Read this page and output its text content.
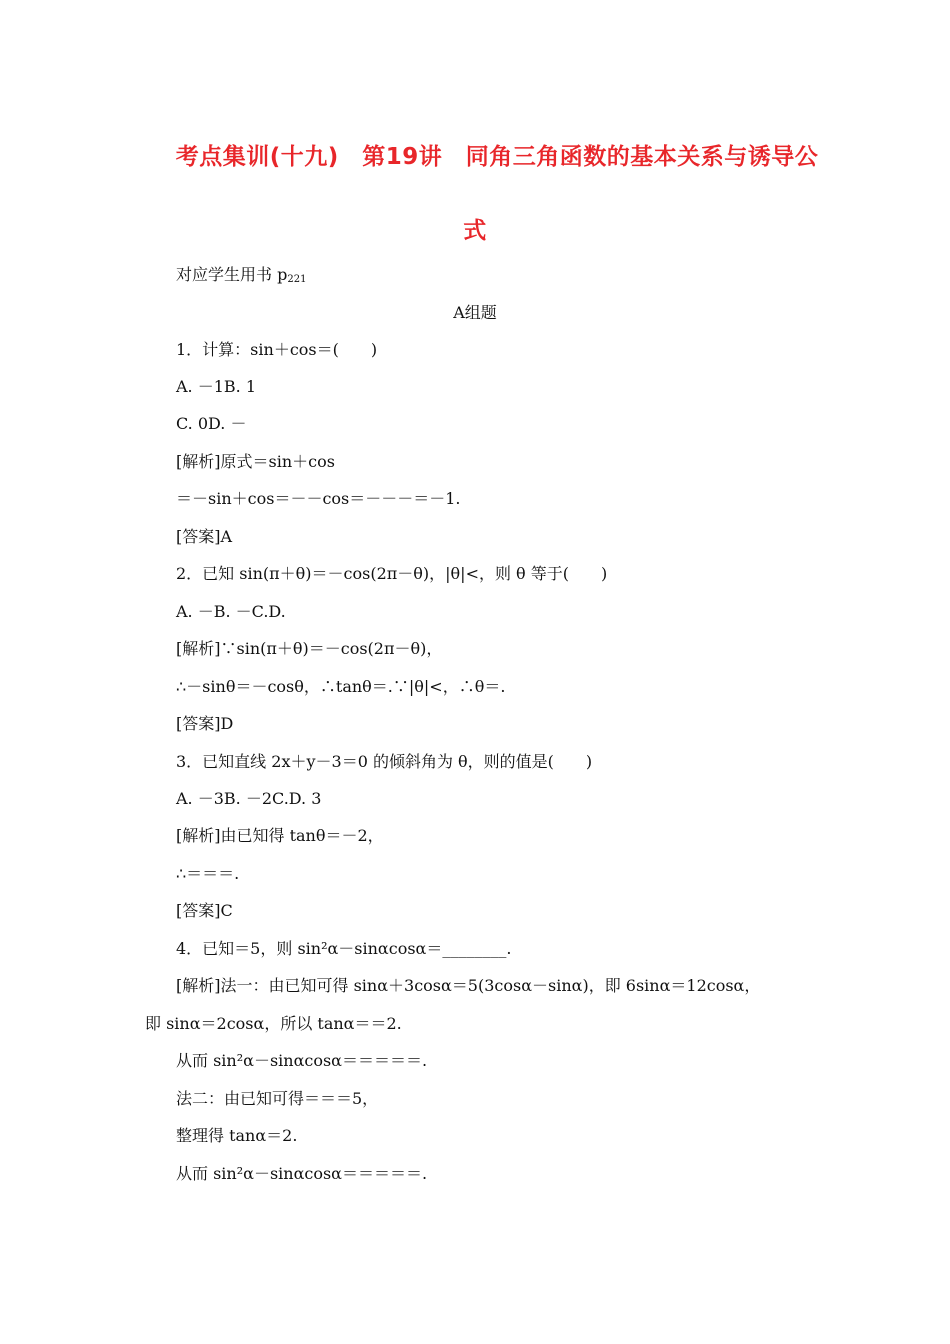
考点集训(十九)　第19讲　同角三角函数的基本关系与诱导公
式
对应学生用书 p221
A组题
1．计算：sin＋cos＝(　　)
A. －1B. 1
C. 0D. －
[解析]原式＝sin＋cos
＝－sin＋cos＝－－cos＝－－－＝－1.
[答案]A
2．已知 sin(π＋θ)＝－cos(2π－θ)，|θ|<，则 θ 等于(　　)
A. －B. －C.D.
[解析]∵sin(π＋θ)＝－cos(2π－θ)，
∴－sinθ＝－cosθ，∴tanθ＝.∵|θ|<，∴θ＝.
[答案]D
3．已知直线 2x＋y－3＝0 的倾斜角为 θ，则的值是(　　)
A. －3B. －2C.D. 3
[解析]由已知得 tanθ＝－2，
∴＝＝＝.
[答案]C
4．已知＝5，则 sin²α－sinαcosα＝________.
[解析]法一：由已知可得 sinα＋3cosα＝5(3cosα－sinα)，即 6sinα＝12cosα，
即 sinα＝2cosα，所以 tanα＝＝2.
从而 sin²α－sinαcosα＝＝＝＝＝.
法二：由已知可得＝＝＝5，
整理得 tanα＝2.
从而 sin²α－sinαcosα＝＝＝＝＝.
